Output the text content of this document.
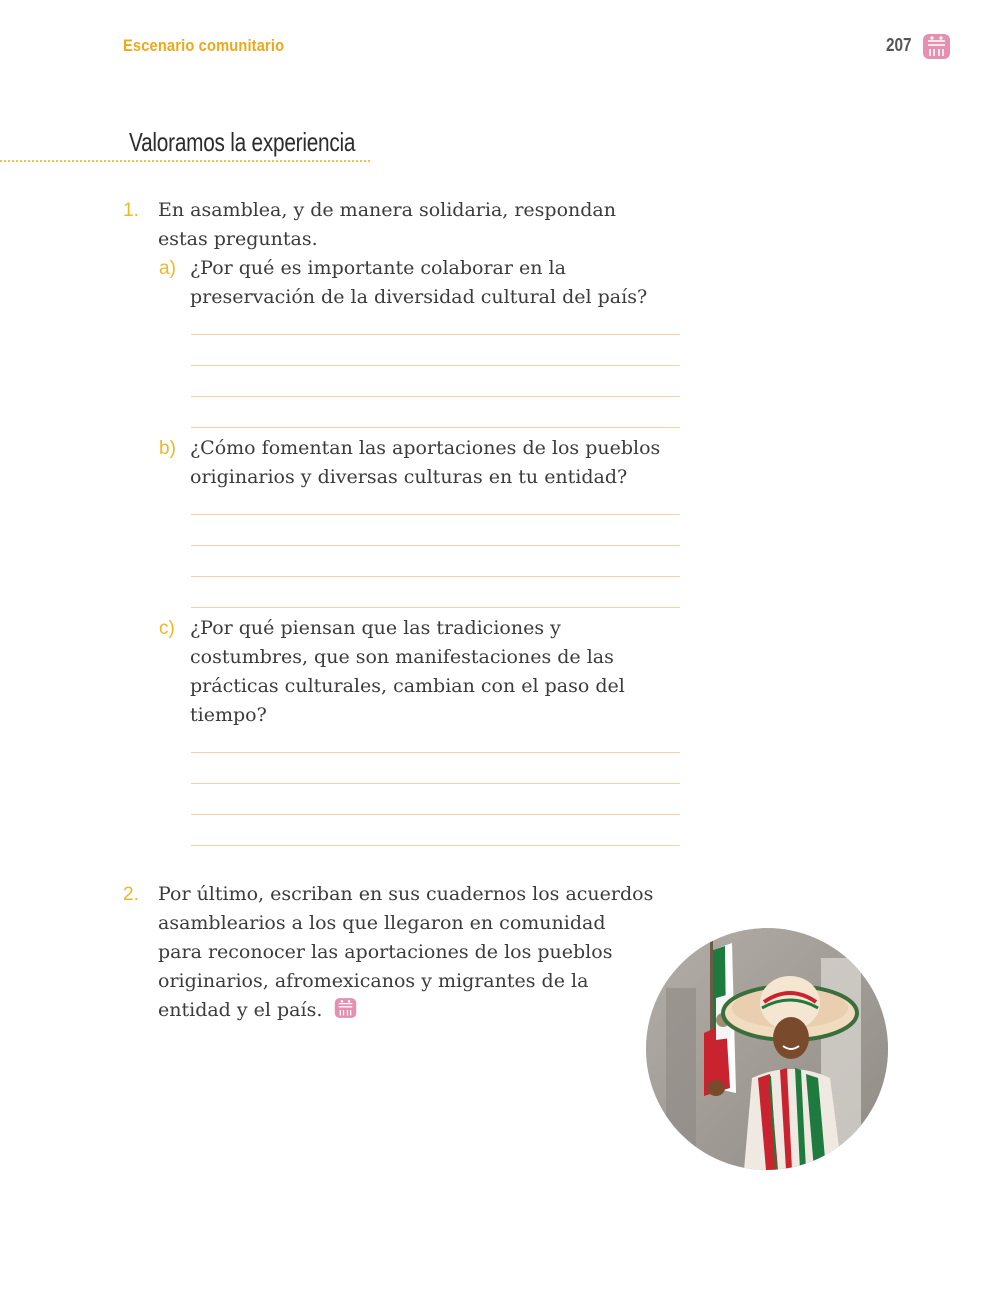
Escenario comunitario	207
Valoramos la experiencia
1. En asamblea, y de manera solidaria, respondan
estas preguntas.
a) ¿Por qué es importante colaborar en la
preservación de la diversidad cultural del país?
b) ¿Cómo fomentan las aportaciones de los pueblos
originarios y diversas culturas en tu entidad?
c) ¿Por qué piensan que las tradiciones y
costumbres, que son manifestaciones de las
prácticas culturales, cambian con el paso del
tiempo?
2. Por último, escriban en sus cuadernos los acuerdos
asamblearios a los que llegaron en comunidad
para reconocer las aportaciones de los pueblos
originarios, afromexicanos y migrantes de la
entidad y el país.
